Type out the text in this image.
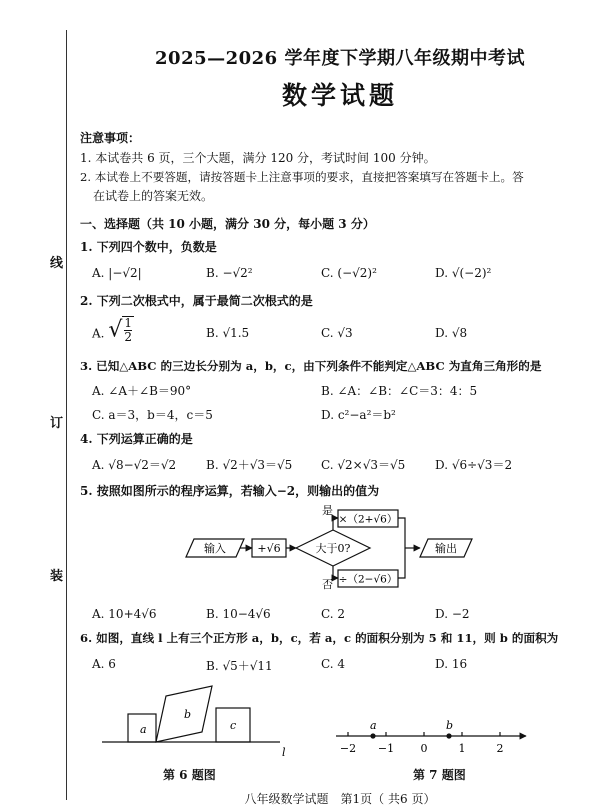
线
订
装
2025—2026 学年度下学期八年级期中考试
数学试题
注意事项：
1. 本试卷共 6 页，三个大题，满分 120 分，考试时间 100 分钟。
2. 本试卷上不要答题，请按答题卡上注意事项的要求，直接把答案填写在答题卡上。答
在试卷上的答案无效。
一、选择题（共 10 小题，满分 30 分，每小题 3 分）
1. 下列四个数中，负数是
A. |−√2|	B. −√2²	C. (−√2)²	D. √(−2)²
2. 下列二次根式中，属于最简二次根式的是
A. √ $\frac{1}{2}$	B. √1.5	C. √3	D. √8
3. 已知△ABC 的三边长分别为 a，b，c，由下列条件不能判定△ABC 为直角三角形的是
A. ∠A＋∠B＝90°	B. ∠A：∠B：∠C＝3：4：5
C. a＝3，b＝4，c＝5	D. c²−a²＝b²
4. 下列运算正确的是
A. √8−√2＝√2 B. √2＋√3＝√5 C. √2×√3＝√5 D. √6÷√3＝2
5. 按照如图所示的程序运算，若输入−2，则输出的值为
输入	+√6	大于0?
是
×（2+√6）
否 ÷（2−√6）
输出
A. 10+4√6	B. 10−4√6	C. 2	D. −2
6. 如图，直线 l 上有三个正方形 a，b，c，若 a，c 的面积分别为 5 和 11，则 b 的面积为
A. 6	B. √5＋√11	C. 4	D. 16
a
b
c
l
第 6 题图
−2 −1 0	1	2
a	b
第 7 题图
八年级数学试题　第1页（ 共6 页）
